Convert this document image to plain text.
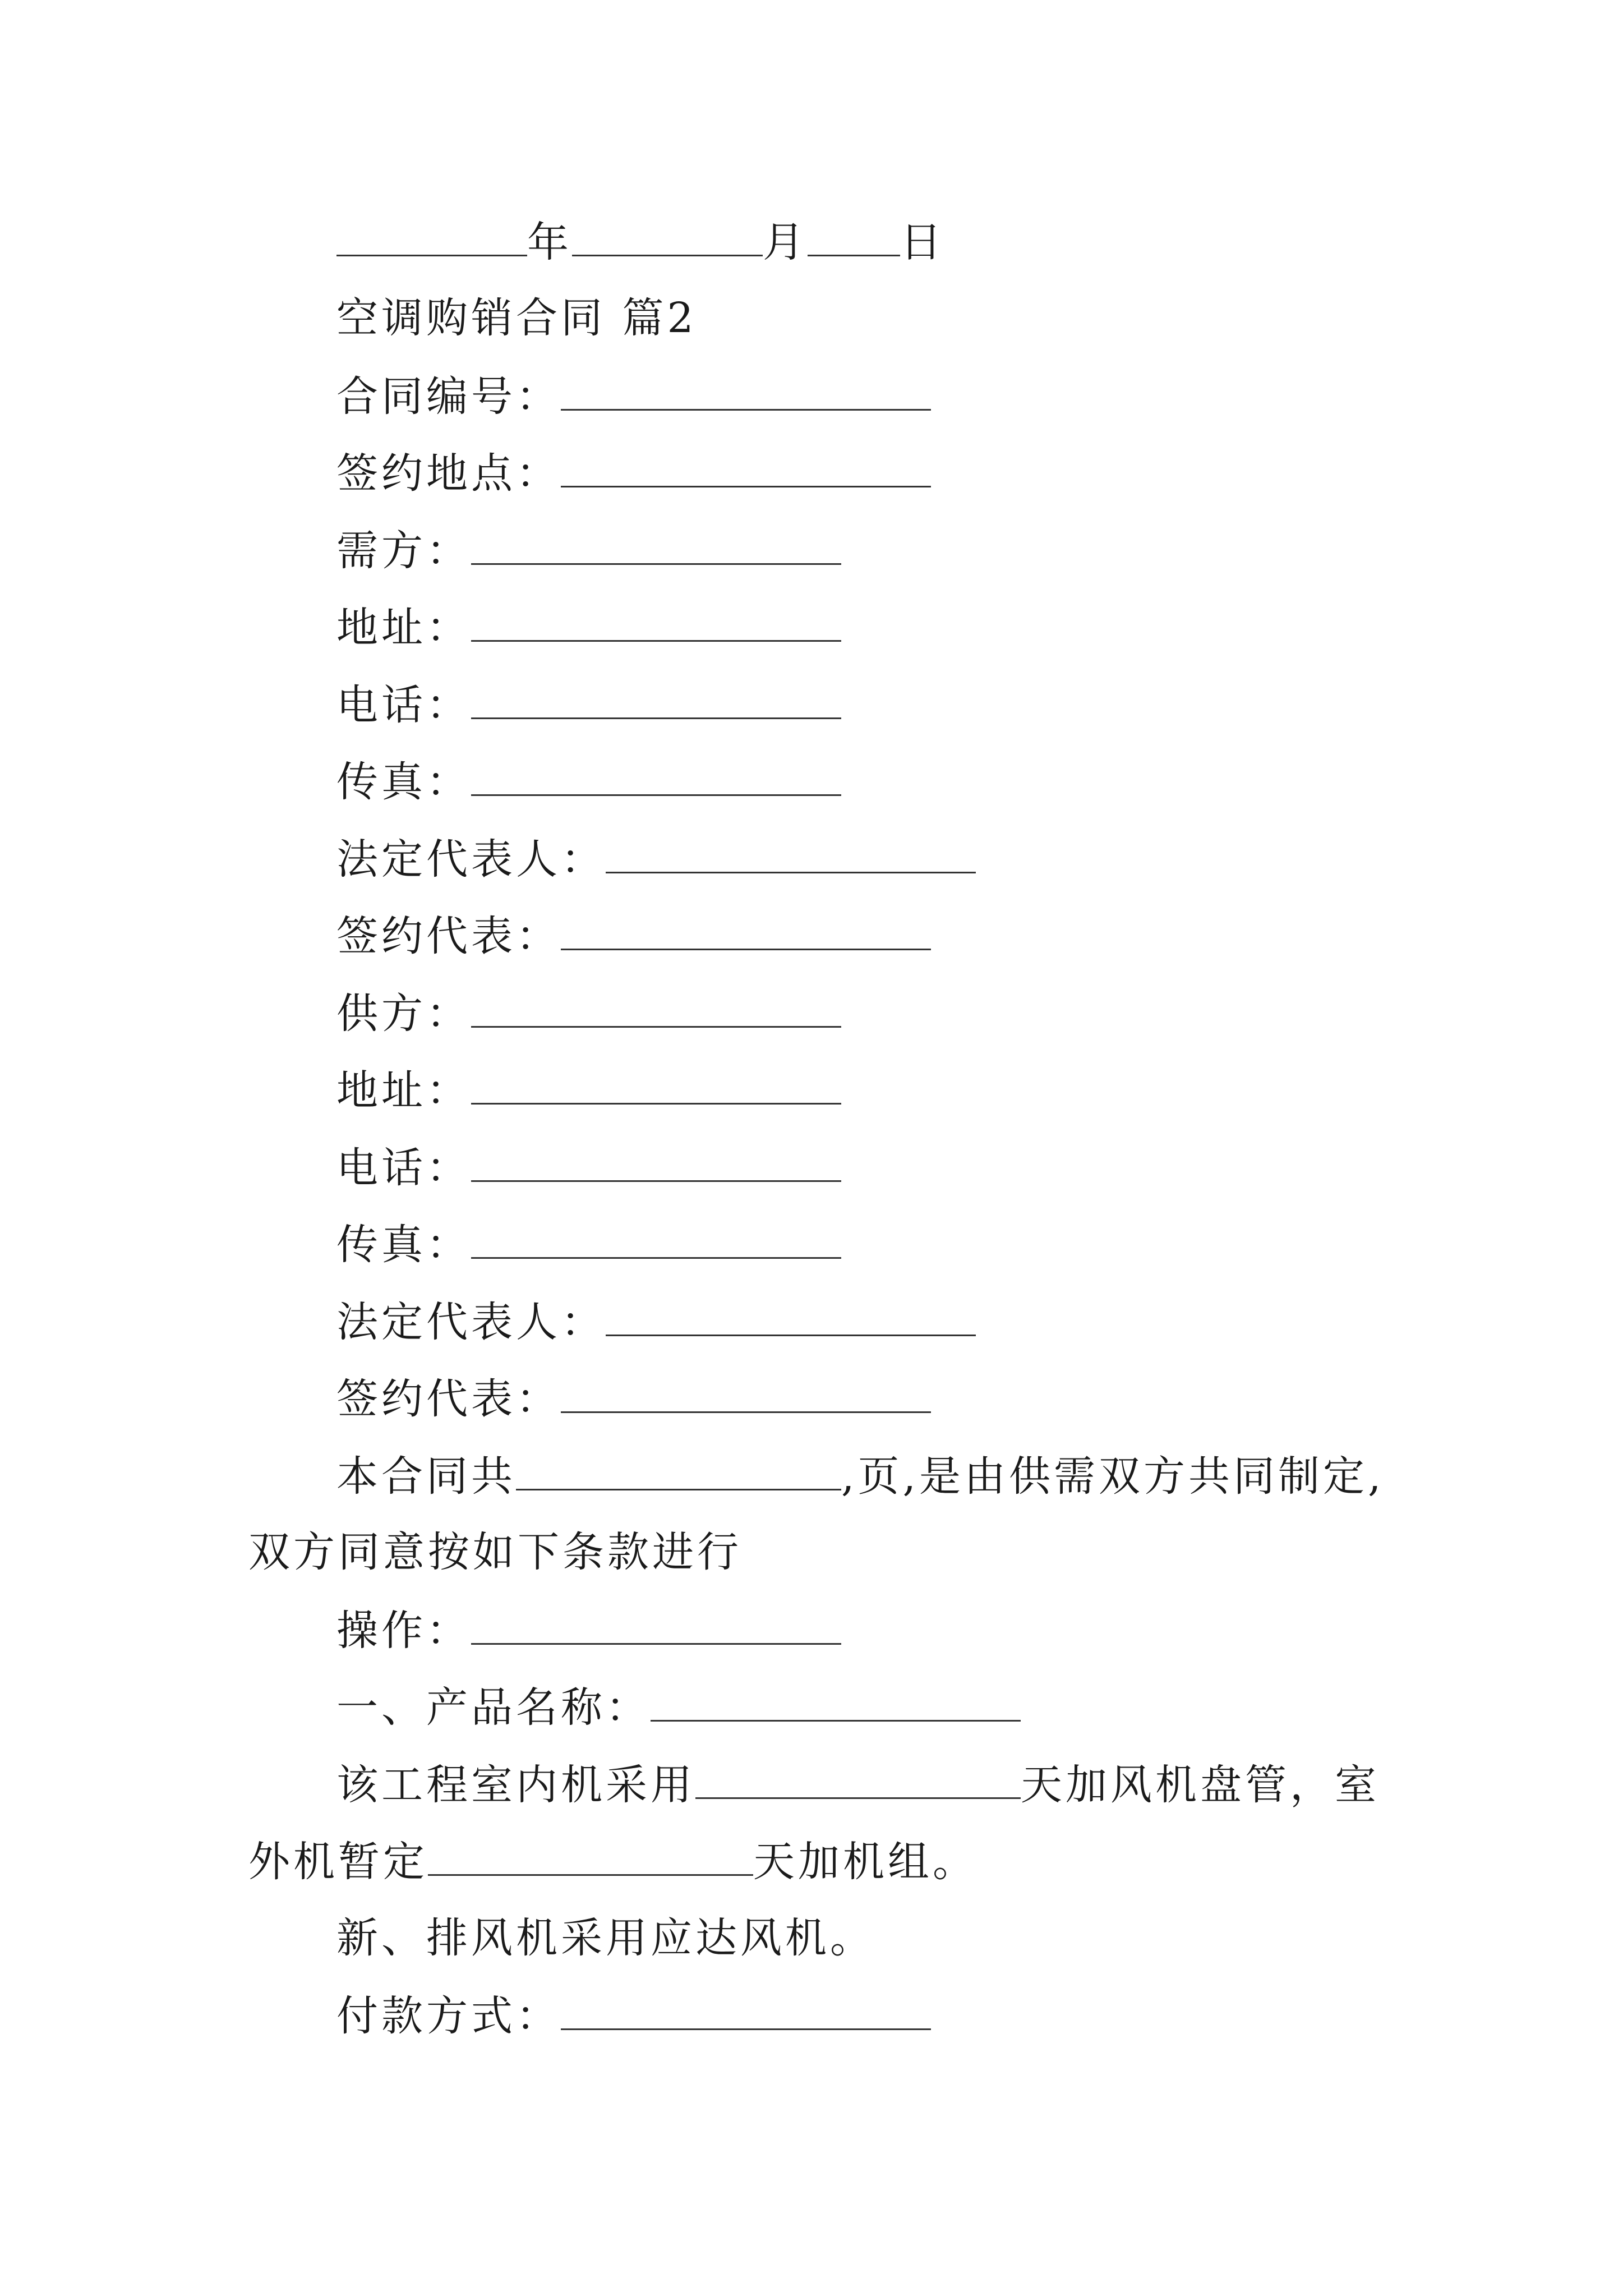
年	月 日
空调购销合同 篇2
合同编号：
签约地点：
需方：
地址：
电话：
传真：
法定代表人：
签约代表：
供方：
地址：
电话：
传真：
法定代表人：
签约代表：
本合同共	,页,是由供需双方共同制定,
双方同意按如下条款进行
操作：
一、产品名称：
该工程室内机采用	天加风机盘管，室
外机暂定	天加机组。
新、排风机采用应达风机。
付款方式：
